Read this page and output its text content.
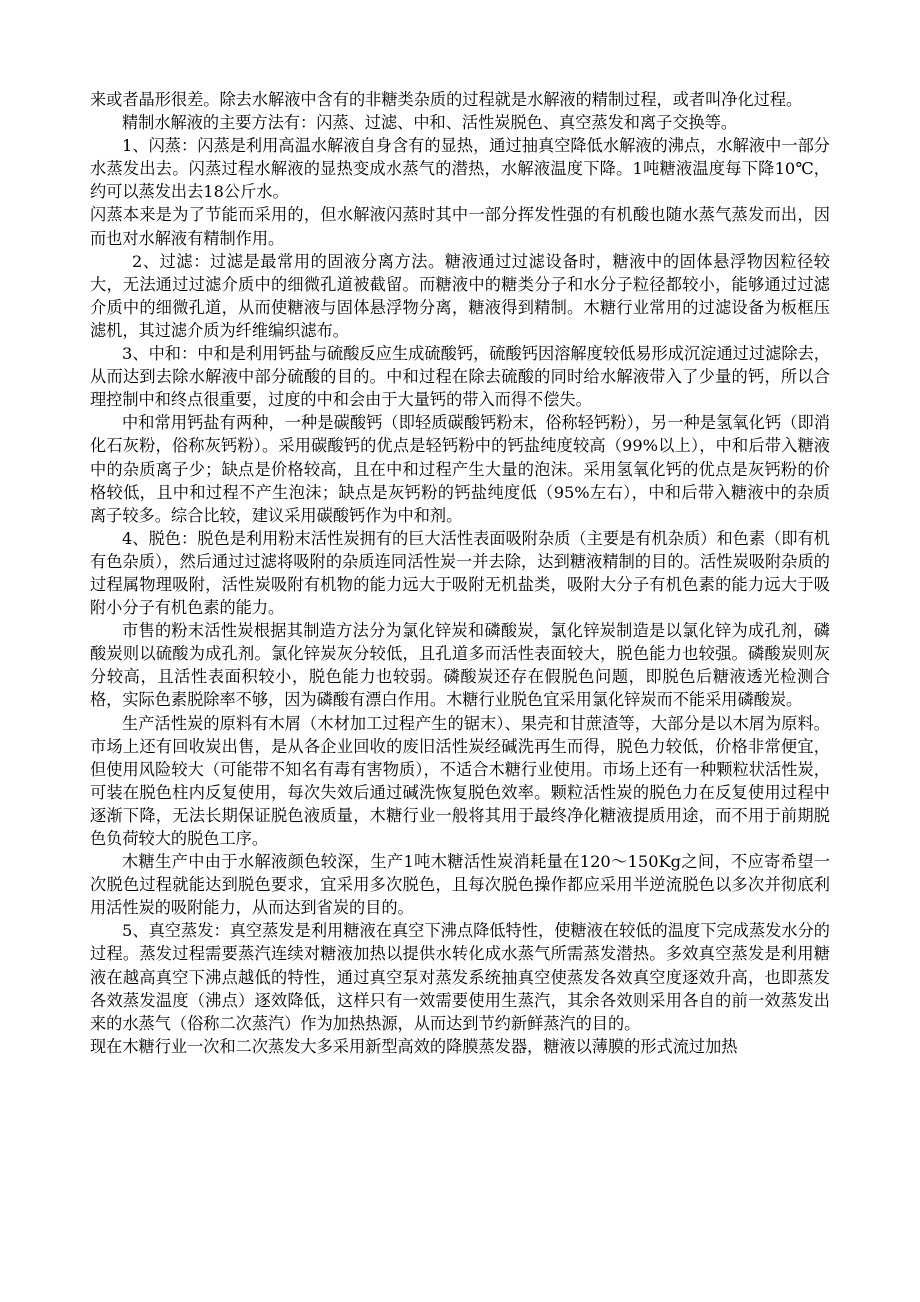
来或者晶形很差。除去水解液中含有的非糖类杂质的过程就是水解液的精制过程，或者叫净化过程。

精制水解液的主要方法有：闪蒸、过滤、中和、活性炭脱色、真空蒸发和离子交换等。

1、闪蒸：闪蒸是利用高温水解液自身含有的显热，通过抽真空降低水解液的沸点，水解液中一部分水蒸发出去。闪蒸过程水解液的显热变成水蒸气的潜热，水解液温度下降。1吨糖液温度每下降10℃，约可以蒸发出去18公斤水。

闪蒸本来是为了节能而采用的，但水解液闪蒸时其中一部分挥发性强的有机酸也随水蒸气蒸发而出，因而也对水解液有精制作用。

2、过滤：过滤是最常用的固液分离方法。糖液通过过滤设备时，糖液中的固体悬浮物因粒径较大，无法通过过滤介质中的细微孔道被截留。而糖液中的糖类分子和水分子粒径都较小，能够通过过滤介质中的细微孔道，从而使糖液与固体悬浮物分离，糖液得到精制。木糖行业常用的过滤设备为板框压滤机，其过滤介质为纤维编织滤布。

3、中和：中和是利用钙盐与硫酸反应生成硫酸钙，硫酸钙因溶解度较低易形成沉淀通过过滤除去，从而达到去除水解液中部分硫酸的目的。中和过程在除去硫酸的同时给水解液带入了少量的钙，所以合理控制中和终点很重要，过度的中和会由于大量钙的带入而得不偿失。

中和常用钙盐有两种，一种是碳酸钙（即轻质碳酸钙粉末，俗称轻钙粉），另一种是氢氧化钙（即消化石灰粉，俗称灰钙粉）。采用碳酸钙的优点是轻钙粉中的钙盐纯度较高（99%以上），中和后带入糖液中的杂质离子少；缺点是价格较高，且在中和过程产生大量的泡沫。采用氢氧化钙的优点是灰钙粉的价格较低，且中和过程不产生泡沫；缺点是灰钙粉的钙盐纯度低（95%左右），中和后带入糖液中的杂质离子较多。综合比较，建议采用碳酸钙作为中和剂。

4、脱色：脱色是利用粉末活性炭拥有的巨大活性表面吸附杂质（主要是有机杂质）和色素（即有机有色杂质），然后通过过滤将吸附的杂质连同活性炭一并去除，达到糖液精制的目的。活性炭吸附杂质的过程属物理吸附，活性炭吸附有机物的能力远大于吸附无机盐类，吸附大分子有机色素的能力远大于吸附小分子有机色素的能力。

市售的粉末活性炭根据其制造方法分为氯化锌炭和磷酸炭，氯化锌炭制造是以氯化锌为成孔剂，磷酸炭则以硫酸为成孔剂。氯化锌炭灰分较低，且孔道多而活性表面较大，脱色能力也较强。磷酸炭则灰分较高，且活性表面积较小，脱色能力也较弱。磷酸炭还存在假脱色问题，即脱色后糖液透光检测合格，实际色素脱除率不够，因为磷酸有漂白作用。木糖行业脱色宜采用氯化锌炭而不能采用磷酸炭。

生产活性炭的原料有木屑（木材加工过程产生的锯末）、果壳和甘蔗渣等，大部分是以木屑为原料。市场上还有回收炭出售，是从各企业回收的废旧活性炭经碱洗再生而得，脱色力较低，价格非常便宜，但使用风险较大（可能带不知名有毒有害物质），不适合木糖行业使用。市场上还有一种颗粒状活性炭，可装在脱色柱内反复使用，每次失效后通过碱洗恢复脱色效率。颗粒活性炭的脱色力在反复使用过程中逐渐下降，无法长期保证脱色液质量，木糖行业一般将其用于最终净化糖液提质用途，而不用于前期脱色负荷较大的脱色工序。

木糖生产中由于水解液颜色较深，生产1吨木糖活性炭消耗量在120～150Kg之间，不应寄希望一次脱色过程就能达到脱色要求，宜采用多次脱色，且每次脱色操作都应采用半逆流脱色以多次并彻底利用活性炭的吸附能力，从而达到省炭的目的。

5、真空蒸发：真空蒸发是利用糖液在真空下沸点降低特性，使糖液在较低的温度下完成蒸发水分的过程。蒸发过程需要蒸汽连续对糖液加热以提供水转化成水蒸气所需蒸发潜热。多效真空蒸发是利用糖液在越高真空下沸点越低的特性，通过真空泵对蒸发系统抽真空使蒸发各效真空度逐效升高，也即蒸发各效蒸发温度（沸点）逐效降低，这样只有一效需要使用生蒸汽，其余各效则采用各自的前一效蒸发出来的水蒸气（俗称二次蒸汽）作为加热热源，从而达到节约新鲜蒸汽的目的。

现在木糖行业一次和二次蒸发大多采用新型高效的降膜蒸发器，糖液以薄膜的形式流过加热
